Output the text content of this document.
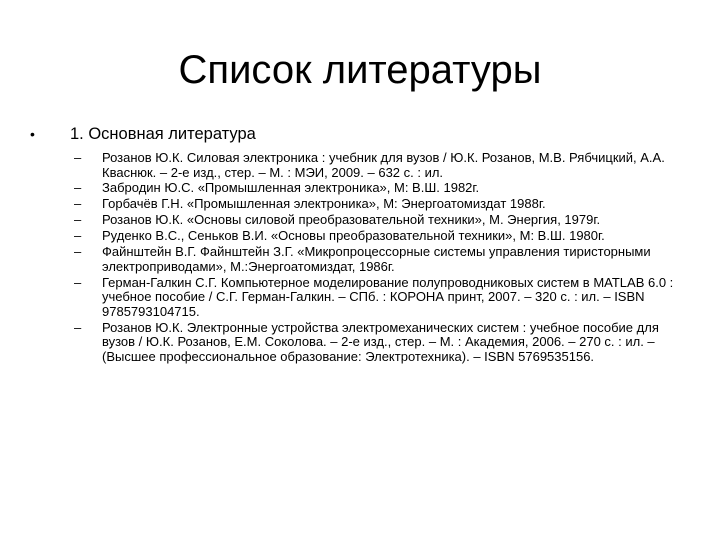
Список литературы
•	1. Основная литература
–	Розанов Ю.К. Силовая электроника : учебник для вузов / Ю.К. Розанов, М.В. Рябчицкий, А.А. Кваснюк. – 2-е изд., стер. – М. : МЭИ, 2009. – 632 с. : ил.
–	Забродин Ю.С. «Промышленная электроника», М: В.Ш. 1982г.
–	Горбачёв Г.Н. «Промышленная электроника», М: Энергоатомиздат 1988г.
–	Розанов Ю.К. «Основы силовой преобразовательной техники», М. Энергия, 1979г.
–	Руденко В.С., Сеньков В.И. «Основы преобразовательной техники», М: В.Ш. 1980г.
–	Файнштейн В.Г. Файнштейн З.Г. «Микропроцессорные системы управления тиристорными электроприводами», М.:Энергоатомиздат, 1986г.
–	Герман-Галкин С.Г. Компьютерное моделирование полупроводниковых систем в MATLAB 6.0 : учебное пособие / С.Г. Герман-Галкин. – СПб. : КОРОНА принт, 2007. – 320 с. : ил. – ISBN 9785793104715.
–	Розанов Ю.К. Электронные устройства электромеханических систем : учебное пособие для вузов / Ю.К. Розанов, Е.М. Соколова. – 2-е изд., стер. – М. : Академия, 2006. – 270 с. : ил. – (Высшее профессиональное образование: Электротехника). – ISBN 5769535156.
